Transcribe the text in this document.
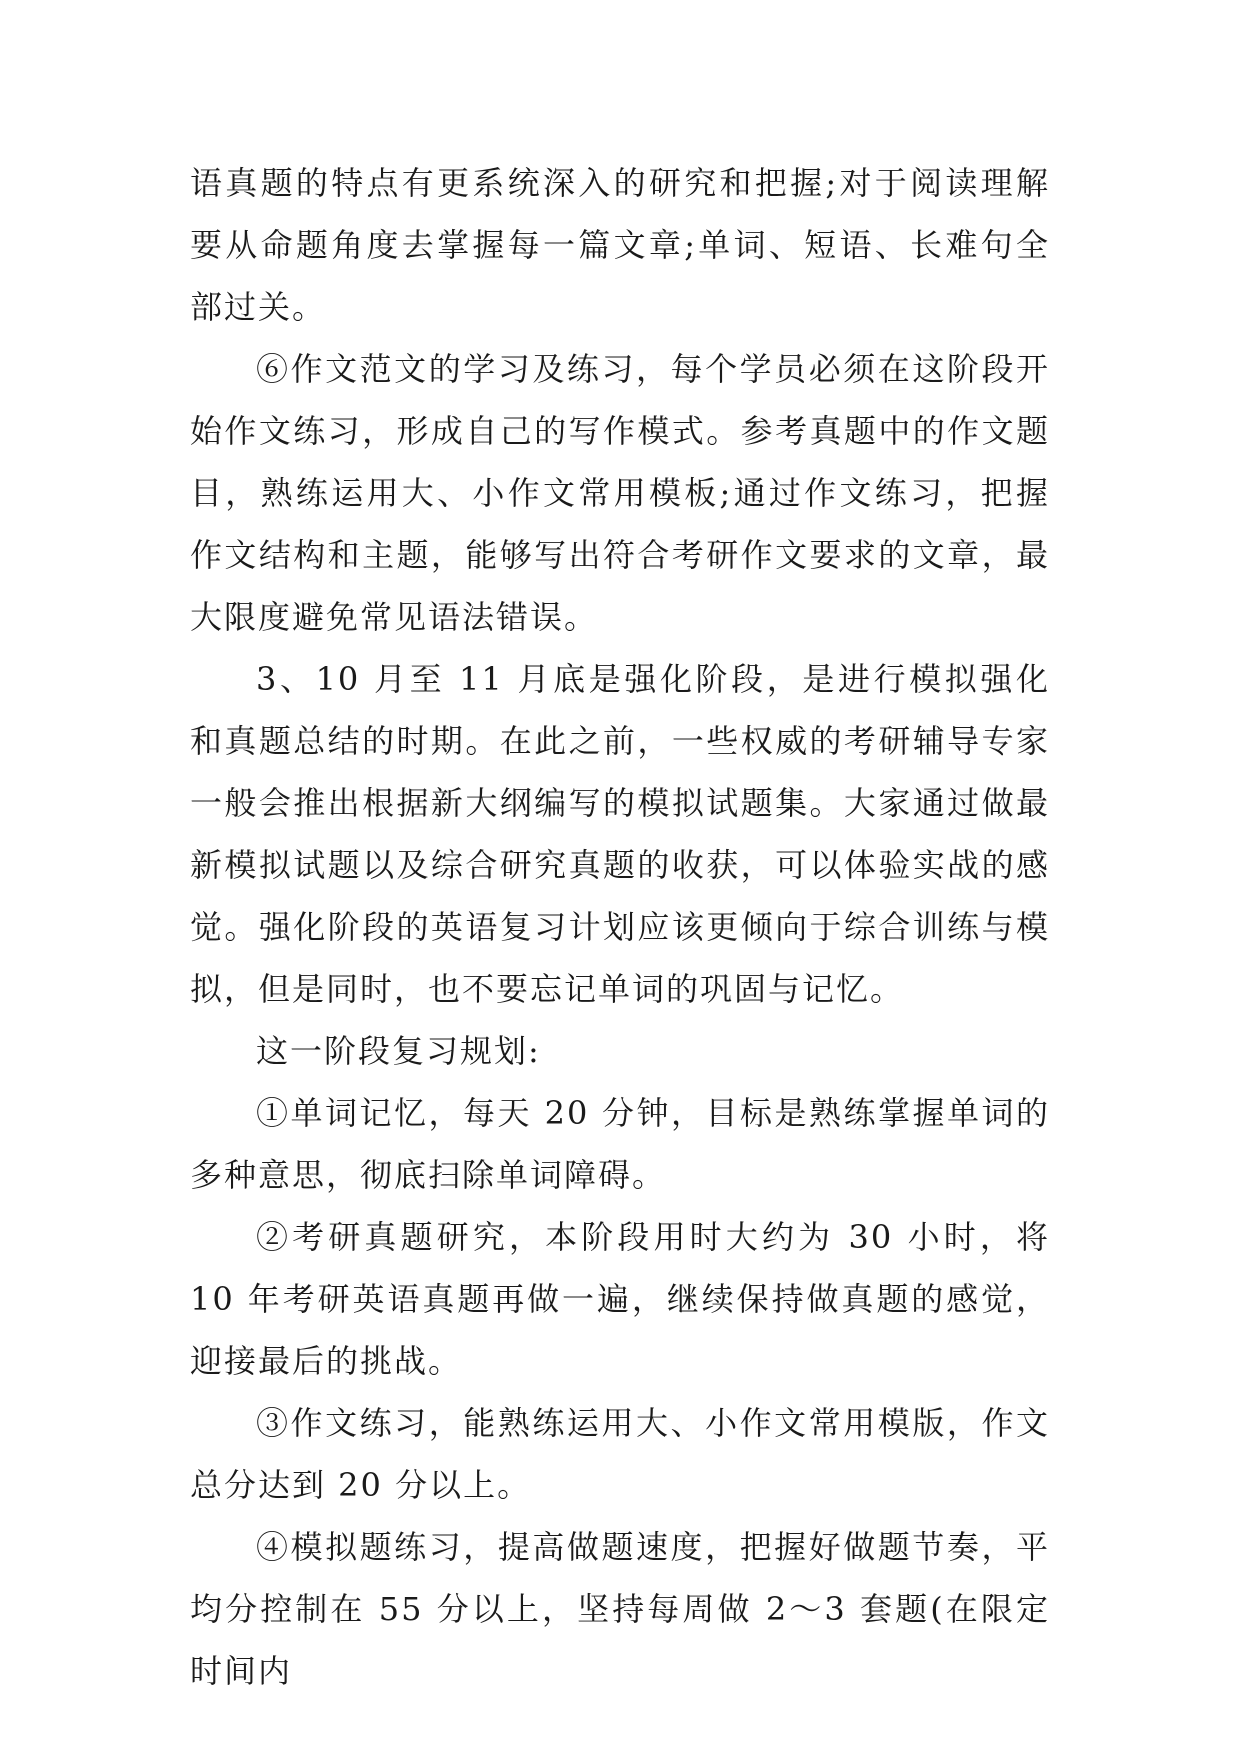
语真题的特点有更系统深入的研究和把握;对于阅读理解要从命题角度去掌握每一篇文章;单词、短语、长难句全部过关。

⑥作文范文的学习及练习，每个学员必须在这阶段开始作文练习，形成自己的写作模式。参考真题中的作文题目，熟练运用大、小作文常用模板;通过作文练习，把握作文结构和主题，能够写出符合考研作文要求的文章，最大限度避免常见语法错误。

3、10 月至 11 月底是强化阶段，是进行模拟强化和真题总结的时期。在此之前，一些权威的考研辅导专家一般会推出根据新大纲编写的模拟试题集。大家通过做最新模拟试题以及综合研究真题的收获，可以体验实战的感觉。强化阶段的英语复习计划应该更倾向于综合训练与模拟，但是同时，也不要忘记单词的巩固与记忆。

这一阶段复习规划:

①单词记忆，每天 20 分钟，目标是熟练掌握单词的多种意思，彻底扫除单词障碍。

②考研真题研究，本阶段用时大约为 30 小时，将 10 年考研英语真题再做一遍，继续保持做真题的感觉，迎接最后的挑战。

③作文练习，能熟练运用大、小作文常用模版，作文总分达到 20 分以上。

④模拟题练习，提高做题速度，把握好做题节奏，平均分控制在 55 分以上，坚持每周做 2～3 套题(在限定时间内
